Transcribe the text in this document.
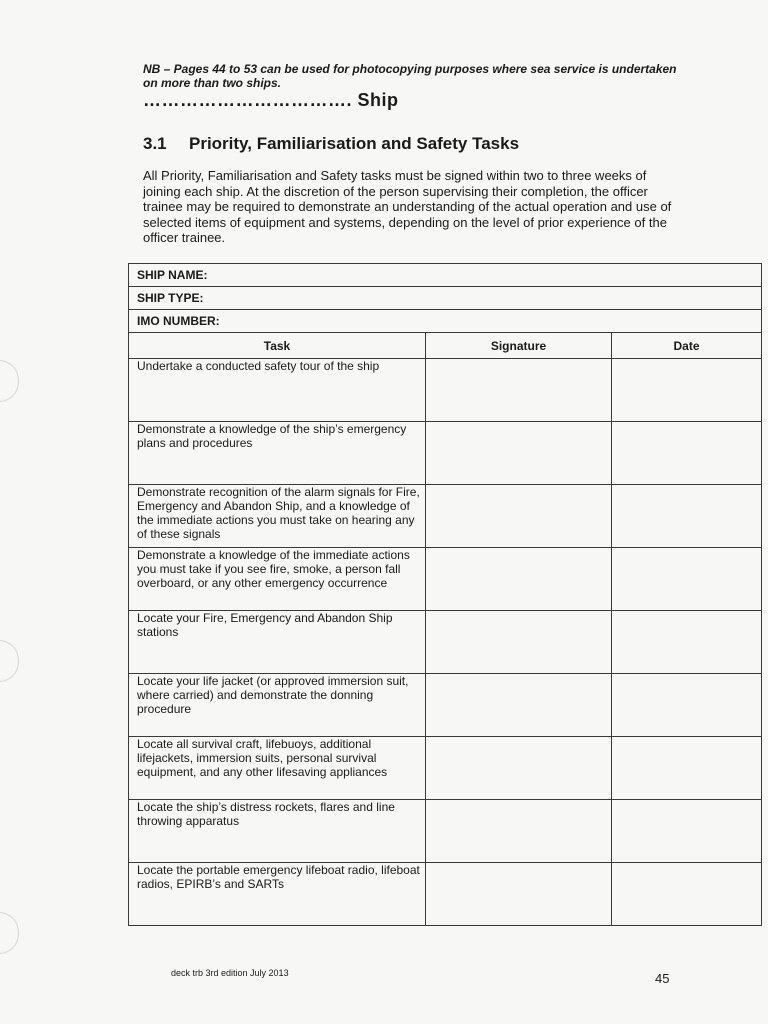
NB – Pages 44 to 53 can be used for photocopying purposes where sea service is undertaken on more than two ships.
……………………………. Ship
3.1 Priority, Familiarisation and Safety Tasks
All Priority, Familiarisation and Safety tasks must be signed within two to three weeks of joining each ship. At the discretion of the person supervising their completion, the officer trainee may be required to demonstrate an understanding of the actual operation and use of selected items of equipment and systems, depending on the level of prior experience of the officer trainee.
SHIP NAME:		
SHIP TYPE:		
IMO NUMBER:		
Task	Signature	Date
Undertake a conducted safety tour of the ship		
Demonstrate a knowledge of the ship’s emergency plans and procedures		
Demonstrate recognition of the alarm signals for Fire, Emergency and Abandon Ship, and a knowledge of the immediate actions you must take on hearing any of these signals		
Demonstrate a knowledge of the immediate actions you must take if you see fire, smoke, a person fall overboard, or any other emergency occurrence		
Locate your Fire, Emergency and Abandon Ship stations		
Locate your life jacket (or approved immersion suit, where carried) and demonstrate the donning procedure		
Locate all survival craft, lifebuoys, additional lifejackets, immersion suits, personal survival equipment, and any other lifesaving appliances		
Locate the ship’s distress rockets, flares and line throwing apparatus		
Locate the portable emergency lifeboat radio, lifeboat radios, EPIRB’s and SARTs		
deck trb 3rd edition July 2013	45
